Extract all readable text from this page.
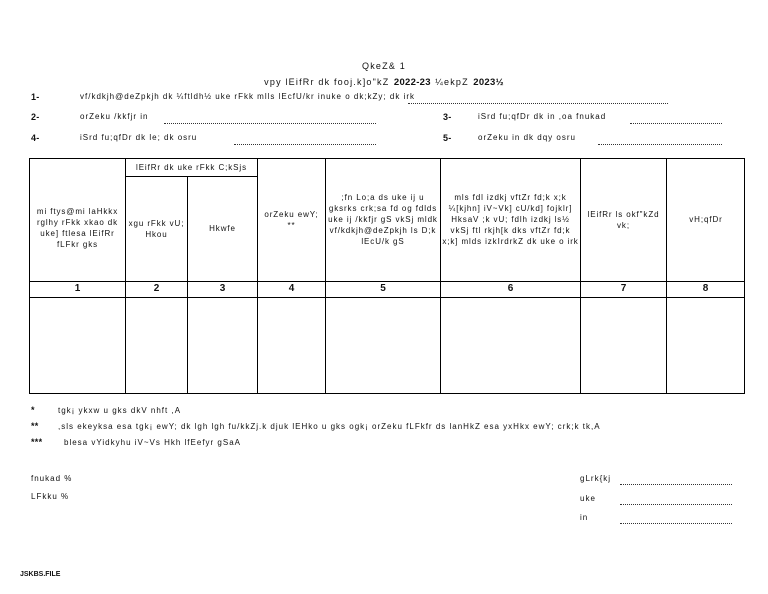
QkeZ& 1
vpy lEifRr dk fooj.k]o"kZ 2022-23 ¼ekpZ 2023½
1-	vf/kdkjh@deZpkjh dk ¼ftldh½ uke rFkk mlls lEcfU/kr inuke o dk;kZy; dk irk
2-	orZeku /kkfjr in	3-	iSrd fu;qfDr dk in ,oa fnukad
4-	iSrd fu;qfDr dk le; dk osru	5-	orZeku in dk dqy osru
lEifRr dk uke rFkk C;kSjs
mi ftys@mi laHkkx rglhy rFkk xkao dk uke] ftlesa lEifRr fLFkr gks
xgu rFkk vU; Hkou
Hkwfe
orZeku ewY; **
;fn Lo;a ds uke ij u gksrks crk;sa fd og fdlds uke ij /kkfjr gS vkSj mldk vf/kdkjh@deZpkjh ls D;k lEcU/k gS
mls fdl izdkj vftZr fd;k x;k ¼[kjhn] iV~Vk] cU/kd] fojklr] HksaV ;k vU; fdlh izdkj ls½ vkSj ftl rkjh[k dks vftZr fd;k x;k] mlds izkIrdrkZ dk uke o irk
lEifRr ls okf"kZd vk;
vH;qfDr
1	2	3	4	5	6	7	8
*	tgk¡ ykxw u gks dkV nhft ,A
** ,sls ekeyksa esa tgk¡ ewY; dk lgh lgh fu/kkZj.k djuk lEHko u gks ogk¡ orZeku fLFkfr ds lanHkZ esa yxHkx ewY; crk;k tk,A
***	blesa vYidkyhu iV~Vs Hkh lfEefyr gSaA
fnukad %
LFkku %
gLrk{kj
uke
in
JSKBS.FILE
